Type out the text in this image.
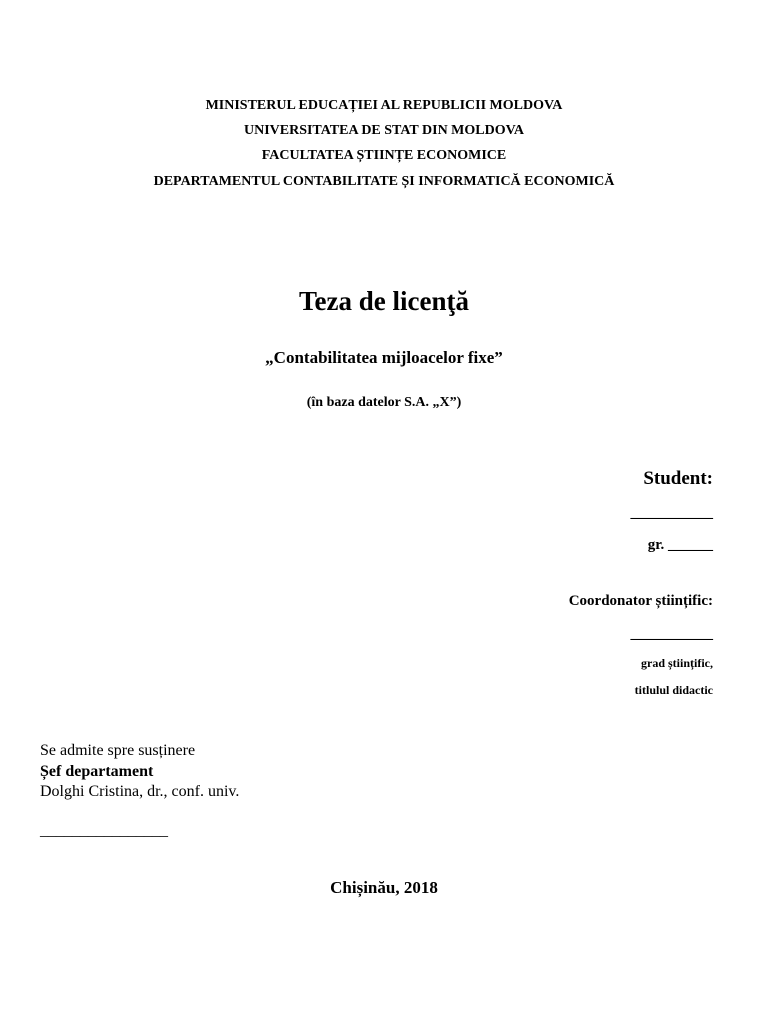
MINISTERUL EDUCAȚIEI AL REPUBLICII MOLDOVA
UNIVERSITATEA DE STAT DIN MOLDOVA
FACULTATEA ȘTIINȚE ECONOMICE
DEPARTAMENTUL CONTABILITATE ȘI INFORMATICĂ ECONOMICĂ
Teza de licenţă
„Contabilitatea mijloacelor fixe”
(în baza datelor S.A. „X”)
Student:
___________
gr. ______
Coordonator științific:
___________
grad științific,
titlulul didactic
Se admite spre susținere
Șef departament
Dolghi Cristina, dr., conf. univ.
________________
Chișinău, 2018
